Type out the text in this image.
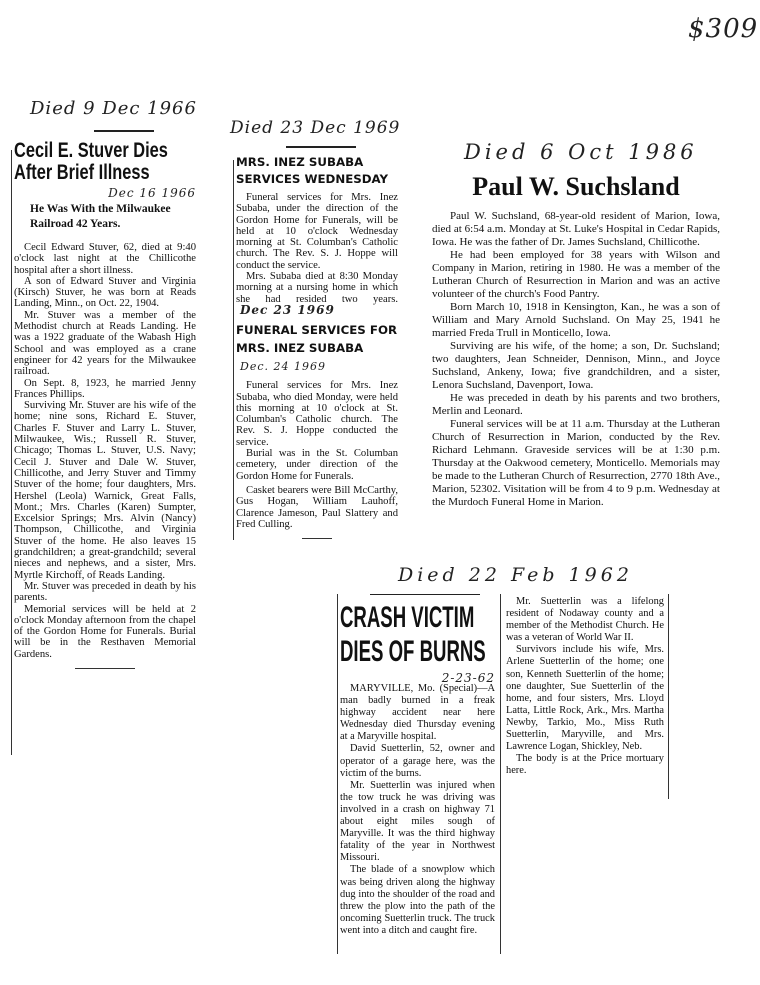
$309
Died 9 Dec 1966
Cecil E. Stuver Dies
After Brief Illness
Dec 16 1966
He Was With the Milwaukee Railroad 42 Years.

Cecil Edward Stuver, 62, died at 9:40 o'clock last night at the Chillicothe hospital after a short illness.

A son of Edward Stuver and Virginia (Kirsch) Stuver, he was born at Reads Landing, Minn., on Oct. 22, 1904.

Mr. Stuver was a member of the Methodist church at Reads Landing. He was a 1922 graduate of the Wabash High School and was employed as a crane engineer for 42 years for the Milwaukee railroad.

On Sept. 8, 1923, he married Jenny Frances Phillips.

Surviving Mr. Stuver are his wife of the home; nine sons, Richard E. Stuver, Charles F. Stuver and Larry L. Stuver, Milwaukee, Wis.; Russell R. Stuver, Chicago; Thomas L. Stuver, U.S. Navy; Cecil J. Stuver and Dale W. Stuver, Chillicothe, and Jerry Stuver and Timmy Stuver of the home; four daughters, Mrs. Hershel (Leola) Warnick, Great Falls, Mont.; Mrs. Charles (Karen) Sumpter, Excelsior Springs; Mrs. Alvin (Nancy) Thompson, Chillicothe, and Virginia Stuver of the home. He also leaves 15 grandchildren; a great-grandchild; several nieces and nephews, and a sister, Mrs. Myrtle Kirchoff, of Reads Landing.

Mr. Stuver was preceded in death by his parents.

Memorial services will be held at 2 o'clock Monday afternoon from the chapel of the Gordon Home for Funerals. Burial will be in the Resthaven Memorial Gardens.

Died 23 Dec 1969
MRS. INEZ SUBABA SERVICES WEDNESDAY

Funeral services for Mrs. Inez Subaba, under the direction of the Gordon Home for Funerals, will be held at 10 o'clock Wednesday morning at St. Columban's Catholic church. The Rev. S. J. Hoppe will conduct the service.

Mrs. Subaba died at 8:30 Monday morning at a nursing home in which she had resided two years.

Dec 23 1969
FUNERAL SERVICES FOR MRS. INEZ SUBABA Dec. 24 1969

Funeral services for Mrs. Inez Subaba, who died Monday, were held this morning at 10 o'clock at St. Columban's Catholic church. The Rev. S. J. Hoppe conducted the service.

Burial was in the St. Columban cemetery, under direction of the Gordon Home for Funerals.

Casket bearers were Bill McCarthy, Gus Hogan, William Lauhoff, Clarence Jameson, Paul Slattery and Fred Culling.

Died 6 Oct 1986
Paul W. Suchsland

Paul W. Suchsland, 68-year-old resident of Marion, Iowa, died at 6:54 a.m. Monday at St. Luke's Hospital in Cedar Rapids, Iowa. He was the father of Dr. James Suchsland, Chillicothe.

He had been employed for 38 years with Wilson and Company in Marion, retiring in 1980. He was a member of the Lutheran Church of Resurrection in Marion and was an active volunteer of the church's Food Pantry.

Born March 10, 1918 in Kensington, Kan., he was a son of William and Mary Arnold Suchsland. On May 25, 1941 he married Freda Trull in Monticello, Iowa.

Surviving are his wife, of the home; a son, Dr. Suchsland; two daughters, Jean Schneider, Dennison, Minn., and Joyce Suchsland, Ankeny, Iowa; five grandchildren, and a sister, Lenora Suchsland, Davenport, Iowa.

He was preceded in death by his parents and two brothers, Merlin and Leonard.

Funeral services will be at 11 a.m. Thursday at the Lutheran Church of Resurrection in Marion, conducted by the Rev. Richard Lehmann. Graveside services will be at 1:30 p.m. Thursday at the Oakwood cemetery, Monticello. Memorials may be made to the Lutheran Church of Resurrection, 2770 18th Ave., Marion, 52302. Visitation will be from 4 to 9 p.m. Wednesday at the Murdoch Funeral Home in Marion.

Died 22 Feb 1962
CRASH VICTIM
DIES OF BURNS
2-23-62

MARYVILLE, Mo. (Special)—A man badly burned in a freak highway accident near here Wednesday died Thursday evening at a Maryville hospital.

David Suetterlin, 52, owner and operator of a garage here, was the victim of the burns.

Mr. Suetterlin was injured when the tow truck he was driving was involved in a crash on highway 71 about eight miles sough of Maryville. It was the third highway fatality of the year in Northwest Missouri.

The blade of a snowplow which was being driven along the highway dug into the shoulder of the road and threw the plow into the path of the oncoming Suetterlin truck. The truck went into a ditch and caught fire.

Mr. Suetterlin was a lifelong resident of Nodaway county and a member of the Methodist Church. He was a veteran of World War II.

Survivors include his wife, Mrs. Arlene Suetterlin of the home; one son, Kenneth Suetterlin of the home; one daughter, Sue Suetterlin of the home, and four sisters, Mrs. Lloyd Latta, Little Rock, Ark., Mrs. Martha Newby, Tarkio, Mo., Miss Ruth Suetterlin, Maryville, and Mrs. Lawrence Logan, Shickley, Neb.

The body is at the Price mortuary here.
